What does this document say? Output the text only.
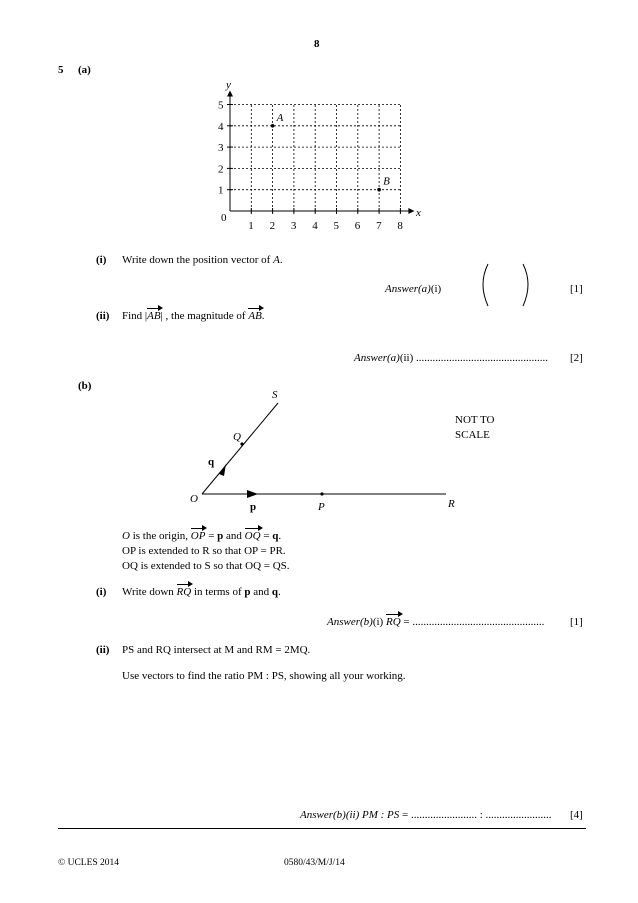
8
5 (a)
1 2 3 4 5 6 7 8
1
2
3
4
5
A
B
y
x
0
(i) Write down the position vector of A.
Answer(a)(i)	[1]
(ii) Find |AB| , the magnitude of AB.
Answer(a)(ii) ................................................ [2]
(b)
O
P
Q
R
S
p
q
NOT TO
SCALE
O is the origin, OP = p and OQ = q.
OP is extended to R so that OP = PR.
OQ is extended to S so that OQ = QS.
(i) Write down RQ in terms of p and q.
Answer(b)(i) RQ = ................................................ [1]
(ii) PS and RQ intersect at M and RM = 2MQ.
Use vectors to find the ratio PM : PS, showing all your working.
Answer(b)(ii) PM : PS = ........................ : ........................ [4]
© UCLES 2014	0580/43/M/J/14
